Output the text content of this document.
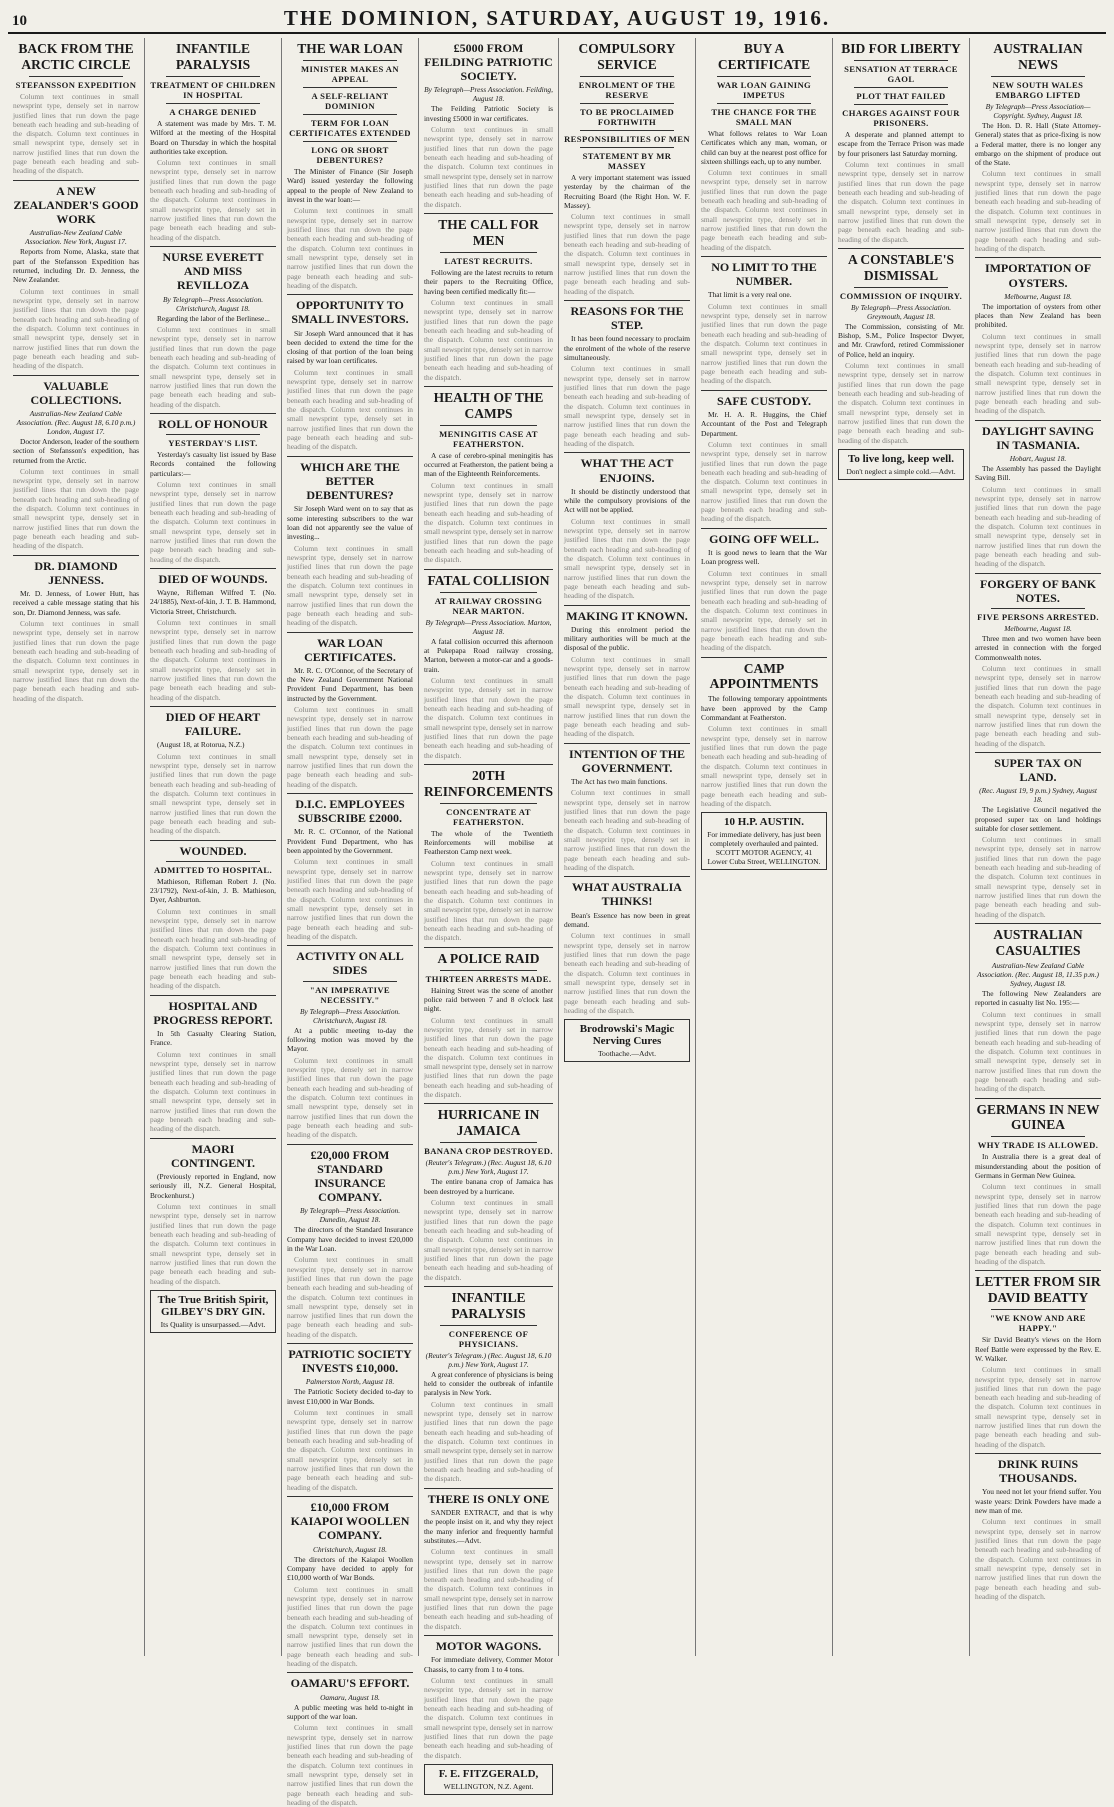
10	THE DOMINION, SATURDAY, AUGUST 19, 1916.
BACK FROM THE ARCTIC CIRCLE
STEFANSSON EXPEDITION

Column text continues in small newsprint type, densely set in narrow justified lines that run down the page beneath each heading and sub-heading of the dispatch. Column text continues in small newsprint type, densely set in narrow justified lines that run down the page beneath each heading and sub-heading of the dispatch.

A NEW ZEALANDER'S GOOD WORK
Australian-New Zealand Cable Association. New York, August 17.

Reports from Nome, Alaska, state that part of the Stefansson Expedition has returned, including Dr. D. Jenness, the New Zealander.

Column text continues in small newsprint type, densely set in narrow justified lines that run down the page beneath each heading and sub-heading of the dispatch. Column text continues in small newsprint type, densely set in narrow justified lines that run down the page beneath each heading and sub-heading of the dispatch.

VALUABLE COLLECTIONS.
Australian-New Zealand Cable Association. (Rec. August 18, 6.10 p.m.) London, August 17.

Doctor Anderson, leader of the southern section of Stefansson's expedition, has returned from the Arctic.

Column text continues in small newsprint type, densely set in narrow justified lines that run down the page beneath each heading and sub-heading of the dispatch. Column text continues in small newsprint type, densely set in narrow justified lines that run down the page beneath each heading and sub-heading of the dispatch.

DR. DIAMOND JENNESS.

Mr. D. Jenness, of Lower Hutt, has received a cable message stating that his son, Dr. Diamond Jenness, was safe.

Column text continues in small newsprint type, densely set in narrow justified lines that run down the page beneath each heading and sub-heading of the dispatch. Column text continues in small newsprint type, densely set in narrow justified lines that run down the page beneath each heading and sub-heading of the dispatch.

INFANTILE PARALYSIS
TREATMENT OF CHILDREN IN HOSPITAL
A CHARGE DENIED

A statement was made by Mrs. T. M. Wilford at the meeting of the Hospital Board on Thursday in which the hospital authorities take exception.

Column text continues in small newsprint type, densely set in narrow justified lines that run down the page beneath each heading and sub-heading of the dispatch. Column text continues in small newsprint type, densely set in narrow justified lines that run down the page beneath each heading and sub-heading of the dispatch.

NURSE EVERETT AND MISS REVILLOZA
By Telegraph—Press Association. Christchurch, August 18.

Regarding the labor of the Berlinese...

Column text continues in small newsprint type, densely set in narrow justified lines that run down the page beneath each heading and sub-heading of the dispatch. Column text continues in small newsprint type, densely set in narrow justified lines that run down the page beneath each heading and sub-heading of the dispatch.

ROLL OF HONOUR
YESTERDAY'S LIST.

Yesterday's casualty list issued by Base Records contained the following particulars:—

Column text continues in small newsprint type, densely set in narrow justified lines that run down the page beneath each heading and sub-heading of the dispatch. Column text continues in small newsprint type, densely set in narrow justified lines that run down the page beneath each heading and sub-heading of the dispatch.

DIED OF WOUNDS.

Wayne, Rifleman Wilfred T. (No. 24/1885), Next-of-kin, J. T. B. Hammond, Victoria Street, Christchurch.

Column text continues in small newsprint type, densely set in narrow justified lines that run down the page beneath each heading and sub-heading of the dispatch. Column text continues in small newsprint type, densely set in narrow justified lines that run down the page beneath each heading and sub-heading of the dispatch.

DIED OF HEART FAILURE.

(August 18, at Rotorua, N.Z.)

Column text continues in small newsprint type, densely set in narrow justified lines that run down the page beneath each heading and sub-heading of the dispatch. Column text continues in small newsprint type, densely set in narrow justified lines that run down the page beneath each heading and sub-heading of the dispatch.

WOUNDED.
ADMITTED TO HOSPITAL.

Mathieson, Rifleman Robert J. (No. 23/1792), Next-of-kin, J. B. Mathieson, Dyer, Ashburton.

Column text continues in small newsprint type, densely set in narrow justified lines that run down the page beneath each heading and sub-heading of the dispatch. Column text continues in small newsprint type, densely set in narrow justified lines that run down the page beneath each heading and sub-heading of the dispatch.

HOSPITAL AND PROGRESS REPORT.

In 5th Casualty Clearing Station, France.

Column text continues in small newsprint type, densely set in narrow justified lines that run down the page beneath each heading and sub-heading of the dispatch. Column text continues in small newsprint type, densely set in narrow justified lines that run down the page beneath each heading and sub-heading of the dispatch.

MAORI CONTINGENT.

(Previously reported in England, now seriously ill, N.Z. General Hospital, Brockenhurst.)

Column text continues in small newsprint type, densely set in narrow justified lines that run down the page beneath each heading and sub-heading of the dispatch. Column text continues in small newsprint type, densely set in narrow justified lines that run down the page beneath each heading and sub-heading of the dispatch.

The True British Spirit, GILBEY'S DRY GIN.
Its Quality is unsurpassed.—Advt.
THE WAR LOAN
MINISTER MAKES AN APPEAL
A SELF-RELIANT DOMINION
TERM FOR LOAN CERTIFICATES EXTENDED
LONG OR SHORT DEBENTURES?

The Minister of Finance (Sir Joseph Ward) issued yesterday the following appeal to the people of New Zealand to invest in the war loan:—

Column text continues in small newsprint type, densely set in narrow justified lines that run down the page beneath each heading and sub-heading of the dispatch. Column text continues in small newsprint type, densely set in narrow justified lines that run down the page beneath each heading and sub-heading of the dispatch.

OPPORTUNITY TO SMALL INVESTORS.

Sir Joseph Ward announced that it has been decided to extend the time for the closing of that portion of the loan being raised by war loan certificates.

Column text continues in small newsprint type, densely set in narrow justified lines that run down the page beneath each heading and sub-heading of the dispatch. Column text continues in small newsprint type, densely set in narrow justified lines that run down the page beneath each heading and sub-heading of the dispatch.

WHICH ARE THE BETTER DEBENTURES?

Sir Joseph Ward went on to say that as some interesting subscribers to the war loan did not apparently see the value of investing...

Column text continues in small newsprint type, densely set in narrow justified lines that run down the page beneath each heading and sub-heading of the dispatch. Column text continues in small newsprint type, densely set in narrow justified lines that run down the page beneath each heading and sub-heading of the dispatch.

WAR LOAN CERTIFICATES.

Mr. R. C. O'Connor, of the Secretary of the New Zealand Government National Provident Fund Department, has been instructed by the Government.

Column text continues in small newsprint type, densely set in narrow justified lines that run down the page beneath each heading and sub-heading of the dispatch. Column text continues in small newsprint type, densely set in narrow justified lines that run down the page beneath each heading and sub-heading of the dispatch.

D.I.C. EMPLOYEES SUBSCRIBE £2000.

Mr. R. C. O'Connor, of the National Provident Fund Department, who has been appointed by the Government.

Column text continues in small newsprint type, densely set in narrow justified lines that run down the page beneath each heading and sub-heading of the dispatch. Column text continues in small newsprint type, densely set in narrow justified lines that run down the page beneath each heading and sub-heading of the dispatch.

ACTIVITY ON ALL SIDES
"AN IMPERATIVE NECESSITY."
By Telegraph—Press Association. Christchurch, August 18.

At a public meeting to-day the following motion was moved by the Mayor.

Column text continues in small newsprint type, densely set in narrow justified lines that run down the page beneath each heading and sub-heading of the dispatch. Column text continues in small newsprint type, densely set in narrow justified lines that run down the page beneath each heading and sub-heading of the dispatch.

£20,000 FROM STANDARD INSURANCE COMPANY.
By Telegraph—Press Association. Dunedin, August 18.

The directors of the Standard Insurance Company have decided to invest £20,000 in the War Loan.

Column text continues in small newsprint type, densely set in narrow justified lines that run down the page beneath each heading and sub-heading of the dispatch. Column text continues in small newsprint type, densely set in narrow justified lines that run down the page beneath each heading and sub-heading of the dispatch.

PATRIOTIC SOCIETY INVESTS £10,000.
Palmerston North, August 18.

The Patriotic Society decided to-day to invest £10,000 in War Bonds.

Column text continues in small newsprint type, densely set in narrow justified lines that run down the page beneath each heading and sub-heading of the dispatch. Column text continues in small newsprint type, densely set in narrow justified lines that run down the page beneath each heading and sub-heading of the dispatch.

£10,000 FROM KAIAPOI WOOLLEN COMPANY.
Christchurch, August 18.

The directors of the Kaiapoi Woollen Company have decided to apply for £10,000 worth of War Bonds.

Column text continues in small newsprint type, densely set in narrow justified lines that run down the page beneath each heading and sub-heading of the dispatch. Column text continues in small newsprint type, densely set in narrow justified lines that run down the page beneath each heading and sub-heading of the dispatch.

OAMARU'S EFFORT.
Oamaru, August 18.

A public meeting was held to-night in support of the war loan.

Column text continues in small newsprint type, densely set in narrow justified lines that run down the page beneath each heading and sub-heading of the dispatch. Column text continues in small newsprint type, densely set in narrow justified lines that run down the page beneath each heading and sub-heading of the dispatch.

£5000 FROM FEILDING PATRIOTIC SOCIETY.
By Telegraph—Press Association. Feilding, August 18.

The Feilding Patriotic Society is investing £5000 in war certificates.

Column text continues in small newsprint type, densely set in narrow justified lines that run down the page beneath each heading and sub-heading of the dispatch. Column text continues in small newsprint type, densely set in narrow justified lines that run down the page beneath each heading and sub-heading of the dispatch.

THE CALL FOR MEN
LATEST RECRUITS.

Following are the latest recruits to return their papers to the Recruiting Office, having been certified medically fit:—

Column text continues in small newsprint type, densely set in narrow justified lines that run down the page beneath each heading and sub-heading of the dispatch. Column text continues in small newsprint type, densely set in narrow justified lines that run down the page beneath each heading and sub-heading of the dispatch.

HEALTH OF THE CAMPS
MENINGITIS CASE AT FEATHERSTON.

A case of cerebro-spinal meningitis has occurred at Featherston, the patient being a man of the Eighteenth Reinforcements.

Column text continues in small newsprint type, densely set in narrow justified lines that run down the page beneath each heading and sub-heading of the dispatch. Column text continues in small newsprint type, densely set in narrow justified lines that run down the page beneath each heading and sub-heading of the dispatch.

FATAL COLLISION
AT RAILWAY CROSSING NEAR MARTON.
By Telegraph—Press Association. Marton, August 18.

A fatal collision occurred this afternoon at Pukepapa Road railway crossing, Marton, between a motor-car and a goods-train.

Column text continues in small newsprint type, densely set in narrow justified lines that run down the page beneath each heading and sub-heading of the dispatch. Column text continues in small newsprint type, densely set in narrow justified lines that run down the page beneath each heading and sub-heading of the dispatch.

20TH REINFORCEMENTS
CONCENTRATE AT FEATHERSTON.

The whole of the Twentieth Reinforcements will mobilise at Featherston Camp next week.

Column text continues in small newsprint type, densely set in narrow justified lines that run down the page beneath each heading and sub-heading of the dispatch. Column text continues in small newsprint type, densely set in narrow justified lines that run down the page beneath each heading and sub-heading of the dispatch.

A POLICE RAID
THIRTEEN ARRESTS MADE.

Haining Street was the scene of another police raid between 7 and 8 o'clock last night.

Column text continues in small newsprint type, densely set in narrow justified lines that run down the page beneath each heading and sub-heading of the dispatch. Column text continues in small newsprint type, densely set in narrow justified lines that run down the page beneath each heading and sub-heading of the dispatch.

HURRICANE IN JAMAICA
BANANA CROP DESTROYED.
(Reuter's Telegram.) (Rec. August 18, 6.10 p.m.) New York, August 17.

The entire banana crop of Jamaica has been destroyed by a hurricane.

Column text continues in small newsprint type, densely set in narrow justified lines that run down the page beneath each heading and sub-heading of the dispatch. Column text continues in small newsprint type, densely set in narrow justified lines that run down the page beneath each heading and sub-heading of the dispatch.

INFANTILE PARALYSIS
CONFERENCE OF PHYSICIANS.
(Reuter's Telegram.) (Rec. August 18, 6.10 p.m.) New York, August 17.

A great conference of physicians is being held to consider the outbreak of infantile paralysis in New York.

Column text continues in small newsprint type, densely set in narrow justified lines that run down the page beneath each heading and sub-heading of the dispatch. Column text continues in small newsprint type, densely set in narrow justified lines that run down the page beneath each heading and sub-heading of the dispatch.

THERE IS ONLY ONE

SANDER EXTRACT, and that is why the people insist on it, and why they reject the many inferior and frequently harmful substitutes.—Advt.

Column text continues in small newsprint type, densely set in narrow justified lines that run down the page beneath each heading and sub-heading of the dispatch. Column text continues in small newsprint type, densely set in narrow justified lines that run down the page beneath each heading and sub-heading of the dispatch.

MOTOR WAGONS.

For immediate delivery, Commer Motor Chassis, to carry from 1 to 4 tons.

Column text continues in small newsprint type, densely set in narrow justified lines that run down the page beneath each heading and sub-heading of the dispatch. Column text continues in small newsprint type, densely set in narrow justified lines that run down the page beneath each heading and sub-heading of the dispatch.

F. E. FITZGERALD,
WELLINGTON, N.Z. Agent.
COMPULSORY SERVICE
ENROLMENT OF THE RESERVE
TO BE PROCLAIMED FORTHWITH
RESPONSIBILITIES OF MEN
STATEMENT BY MR MASSEY

A very important statement was issued yesterday by the chairman of the Recruiting Board (the Right Hon. W. F. Massey).

Column text continues in small newsprint type, densely set in narrow justified lines that run down the page beneath each heading and sub-heading of the dispatch. Column text continues in small newsprint type, densely set in narrow justified lines that run down the page beneath each heading and sub-heading of the dispatch.

REASONS FOR THE STEP.

It has been found necessary to proclaim the enrolment of the whole of the reserve simultaneously.

Column text continues in small newsprint type, densely set in narrow justified lines that run down the page beneath each heading and sub-heading of the dispatch. Column text continues in small newsprint type, densely set in narrow justified lines that run down the page beneath each heading and sub-heading of the dispatch.

WHAT THE ACT ENJOINS.

It should be distinctly understood that while the compulsory provisions of the Act will not be applied.

Column text continues in small newsprint type, densely set in narrow justified lines that run down the page beneath each heading and sub-heading of the dispatch. Column text continues in small newsprint type, densely set in narrow justified lines that run down the page beneath each heading and sub-heading of the dispatch.

MAKING IT KNOWN.

During this enrolment period the military authorities will be much at the disposal of the public.

Column text continues in small newsprint type, densely set in narrow justified lines that run down the page beneath each heading and sub-heading of the dispatch. Column text continues in small newsprint type, densely set in narrow justified lines that run down the page beneath each heading and sub-heading of the dispatch.

INTENTION OF THE GOVERNMENT.

The Act has two main functions.

Column text continues in small newsprint type, densely set in narrow justified lines that run down the page beneath each heading and sub-heading of the dispatch. Column text continues in small newsprint type, densely set in narrow justified lines that run down the page beneath each heading and sub-heading of the dispatch.

WHAT AUSTRALIA THINKS!

Bean's Essence has now been in great demand.

Column text continues in small newsprint type, densely set in narrow justified lines that run down the page beneath each heading and sub-heading of the dispatch. Column text continues in small newsprint type, densely set in narrow justified lines that run down the page beneath each heading and sub-heading of the dispatch.

Brodrowski's Magic Nerving Cures
Toothache.—Advt.
BUY A CERTIFICATE
WAR LOAN GAINING IMPETUS
THE CHANCE FOR THE SMALL MAN

What follows relates to War Loan Certificates which any man, woman, or child can buy at the nearest post office for sixteen shillings each, up to any number.

Column text continues in small newsprint type, densely set in narrow justified lines that run down the page beneath each heading and sub-heading of the dispatch. Column text continues in small newsprint type, densely set in narrow justified lines that run down the page beneath each heading and sub-heading of the dispatch.

NO LIMIT TO THE NUMBER.

That limit is a very real one.

Column text continues in small newsprint type, densely set in narrow justified lines that run down the page beneath each heading and sub-heading of the dispatch. Column text continues in small newsprint type, densely set in narrow justified lines that run down the page beneath each heading and sub-heading of the dispatch.

SAFE CUSTODY.

Mr. H. A. R. Huggins, the Chief Accountant of the Post and Telegraph Department.

Column text continues in small newsprint type, densely set in narrow justified lines that run down the page beneath each heading and sub-heading of the dispatch. Column text continues in small newsprint type, densely set in narrow justified lines that run down the page beneath each heading and sub-heading of the dispatch.

GOING OFF WELL.

It is good news to learn that the War Loan progress well.

Column text continues in small newsprint type, densely set in narrow justified lines that run down the page beneath each heading and sub-heading of the dispatch. Column text continues in small newsprint type, densely set in narrow justified lines that run down the page beneath each heading and sub-heading of the dispatch.

CAMP APPOINTMENTS

The following temporary appointments have been approved by the Camp Commandant at Featherston.

Column text continues in small newsprint type, densely set in narrow justified lines that run down the page beneath each heading and sub-heading of the dispatch. Column text continues in small newsprint type, densely set in narrow justified lines that run down the page beneath each heading and sub-heading of the dispatch.

10 H.P. AUSTIN.
For immediate delivery, has just been completely overhauled and painted. SCOTT MOTOR AGENCY, 41 Lower Cuba Street, WELLINGTON.
BID FOR LIBERTY
SENSATION AT TERRACE GAOL
PLOT THAT FAILED
CHARGES AGAINST FOUR PRISONERS.

A desperate and planned attempt to escape from the Terrace Prison was made by four prisoners last Saturday morning.

Column text continues in small newsprint type, densely set in narrow justified lines that run down the page beneath each heading and sub-heading of the dispatch. Column text continues in small newsprint type, densely set in narrow justified lines that run down the page beneath each heading and sub-heading of the dispatch.

A CONSTABLE'S DISMISSAL
COMMISSION OF INQUIRY.
By Telegraph—Press Association. Greymouth, August 18.

The Commission, consisting of Mr. Bishop, S.M., Police Inspector Dwyer, and Mr. Crawford, retired Commissioner of Police, held an inquiry.

Column text continues in small newsprint type, densely set in narrow justified lines that run down the page beneath each heading and sub-heading of the dispatch. Column text continues in small newsprint type, densely set in narrow justified lines that run down the page beneath each heading and sub-heading of the dispatch.

To live long, keep well.
Don't neglect a simple cold.—Advt.
AUSTRALIAN NEWS
NEW SOUTH WALES EMBARGO LIFTED
By Telegraph—Press Association—Copyright. Sydney, August 18.

The Hon. D. R. Hall (State Attorney-General) states that as price-fixing is now a Federal matter, there is no longer any embargo on the shipment of produce out of the State.

Column text continues in small newsprint type, densely set in narrow justified lines that run down the page beneath each heading and sub-heading of the dispatch. Column text continues in small newsprint type, densely set in narrow justified lines that run down the page beneath each heading and sub-heading of the dispatch.

IMPORTATION OF OYSTERS.
Melbourne, August 18.

The importation of oysters from other places than New Zealand has been prohibited.

Column text continues in small newsprint type, densely set in narrow justified lines that run down the page beneath each heading and sub-heading of the dispatch. Column text continues in small newsprint type, densely set in narrow justified lines that run down the page beneath each heading and sub-heading of the dispatch.

DAYLIGHT SAVING IN TASMANIA.
Hobart, August 18.

The Assembly has passed the Daylight Saving Bill.

Column text continues in small newsprint type, densely set in narrow justified lines that run down the page beneath each heading and sub-heading of the dispatch. Column text continues in small newsprint type, densely set in narrow justified lines that run down the page beneath each heading and sub-heading of the dispatch.

FORGERY OF BANK NOTES.
FIVE PERSONS ARRESTED.
Melbourne, August 18.

Three men and two women have been arrested in connection with the forged Commonwealth notes.

Column text continues in small newsprint type, densely set in narrow justified lines that run down the page beneath each heading and sub-heading of the dispatch. Column text continues in small newsprint type, densely set in narrow justified lines that run down the page beneath each heading and sub-heading of the dispatch.

SUPER TAX ON LAND.
(Rec. August 19, 9 p.m.) Sydney, August 18.

The Legislative Council negatived the proposed super tax on land holdings suitable for closer settlement.

Column text continues in small newsprint type, densely set in narrow justified lines that run down the page beneath each heading and sub-heading of the dispatch. Column text continues in small newsprint type, densely set in narrow justified lines that run down the page beneath each heading and sub-heading of the dispatch.

AUSTRALIAN CASUALTIES
Australian-New Zealand Cable Association. (Rec. August 18, 11.35 p.m.) Sydney, August 18.

The following New Zealanders are reported in casualty list No. 195:—

Column text continues in small newsprint type, densely set in narrow justified lines that run down the page beneath each heading and sub-heading of the dispatch. Column text continues in small newsprint type, densely set in narrow justified lines that run down the page beneath each heading and sub-heading of the dispatch.

GERMANS IN NEW GUINEA
WHY TRADE IS ALLOWED.

In Australia there is a great deal of misunderstanding about the position of Germans in German New Guinea.

Column text continues in small newsprint type, densely set in narrow justified lines that run down the page beneath each heading and sub-heading of the dispatch. Column text continues in small newsprint type, densely set in narrow justified lines that run down the page beneath each heading and sub-heading of the dispatch.

LETTER FROM SIR DAVID BEATTY
"WE KNOW AND ARE HAPPY."

Sir David Beatty's views on the Horn Reef Battle were expressed by the Rev. E. W. Walker.

Column text continues in small newsprint type, densely set in narrow justified lines that run down the page beneath each heading and sub-heading of the dispatch. Column text continues in small newsprint type, densely set in narrow justified lines that run down the page beneath each heading and sub-heading of the dispatch.

DRINK RUINS THOUSANDS.

You need not let your friend suffer. You waste years: Drink Powders have made a new man of me.

Column text continues in small newsprint type, densely set in narrow justified lines that run down the page beneath each heading and sub-heading of the dispatch. Column text continues in small newsprint type, densely set in narrow justified lines that run down the page beneath each heading and sub-heading of the dispatch.
